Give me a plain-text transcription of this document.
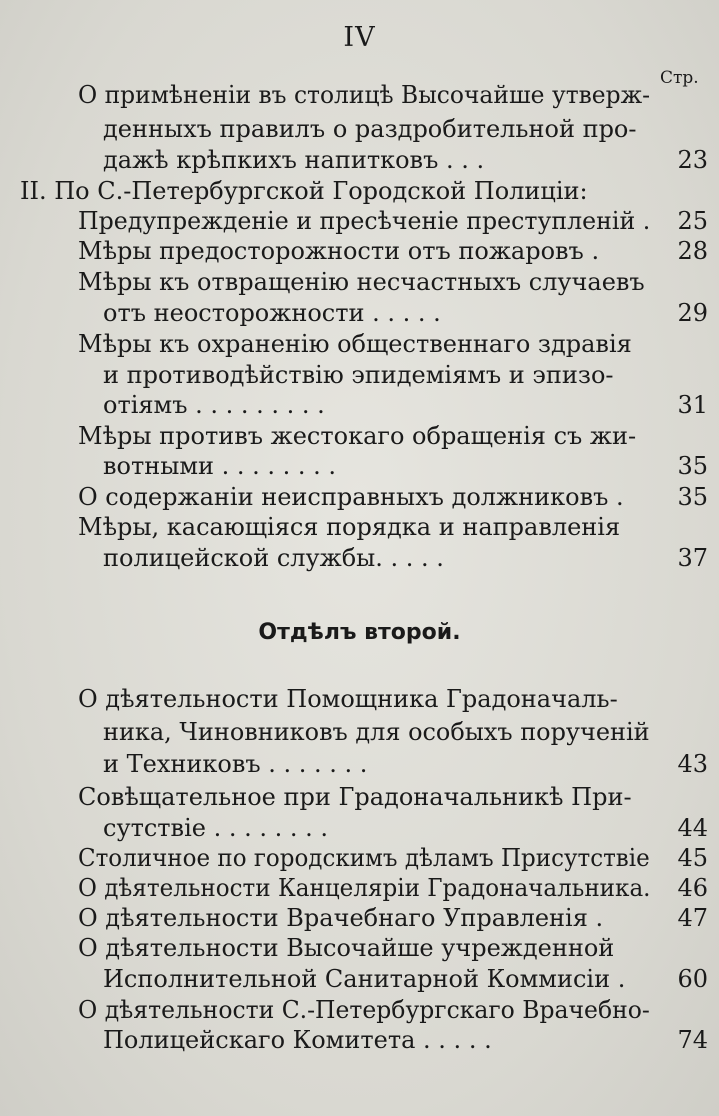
IV
Стр.
О примѣненіи въ столицѣ Высочайше утверж-
денныхъ правилъ о раздробительной про-
дажѣ крѣпкихъ напитковъ . . .	23
II. По С.-Петербургской Городской Полиціи:
Предупрежденіе и пресѣченіе преступленій .	25
Мѣры предосторожности отъ пожаровъ .	28
Мѣры къ отвращенію несчастныхъ случаевъ
отъ неосторожности . . . . .	29
Мѣры къ охраненію общественнаго здравія
и противодѣйствію эпидеміямъ и эпизо-
отіямъ . . . . . . . . .	31
Мѣры противъ жестокаго обращенія съ жи-
вотными . . . . . . . .	35
О содержаніи неисправныхъ должниковъ .	35
Мѣры, касающіяся порядка и направленія
полицейской службы. . . . .	37
Отдѣлъ второй.
О дѣятельности Помощника Градоначаль-
ника, Чиновниковъ для особыхъ порученій
и Техниковъ . . . . . . .	43
Совѣщательное при Градоначальникѣ При-
сутствіе . . . . . . . .	44
Столичное по городскимъ дѣламъ Присутствіе	45
О дѣятельности Канцеляріи Градоначальника.	46
О дѣятельности Врачебнаго Управленія .	47
О дѣятельности Высочайше учрежденной
Исполнительной Санитарной Коммисіи .	60
О дѣятельности С.-Петербургскаго Врачебно-
Полицейскаго Комитета . . . . .	74
